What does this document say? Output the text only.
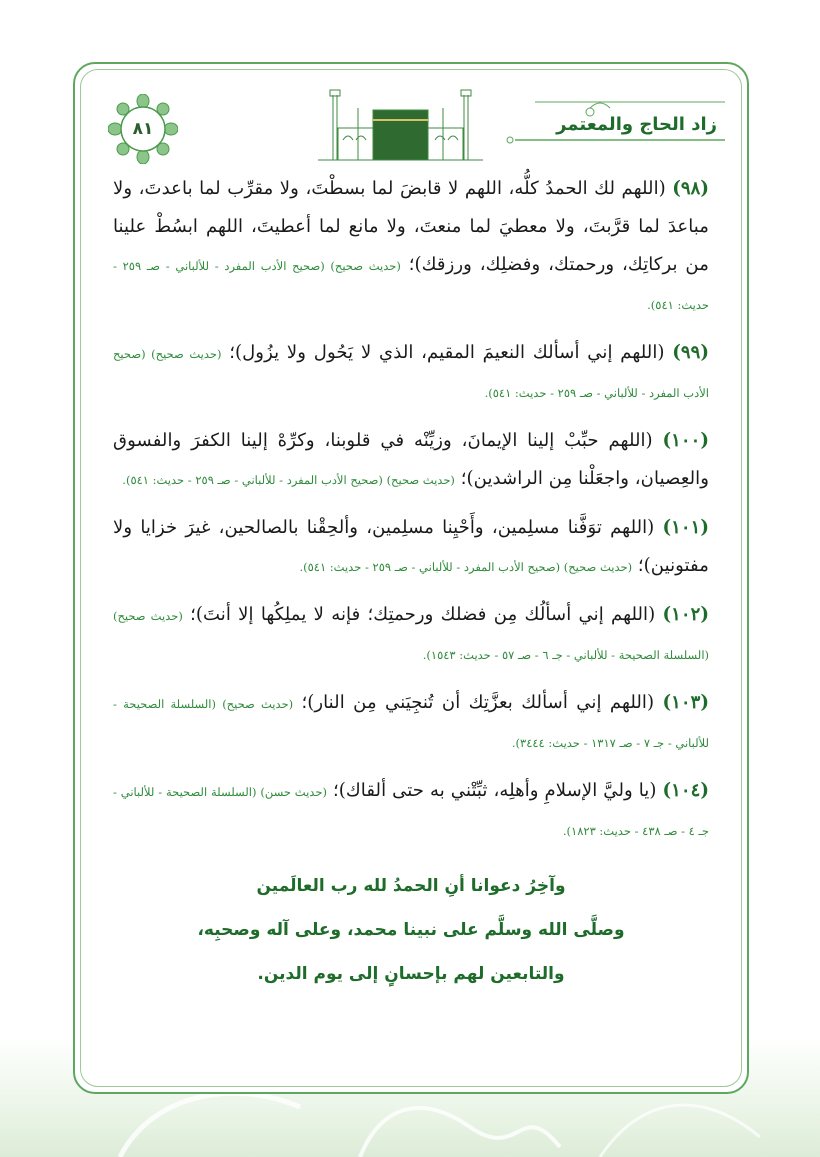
٨١	زاد الحاج والمعتمر

(٩٨) (اللهم لك الحمدُ كلُّه، اللهم لا قابضَ لما بسطْتَ، ولا مقرِّب لما باعدتَ، ولا مباعدَ لما قرَّبتَ، ولا معطيَ لما منعتَ، ولا مانع لما أعطيتَ، اللهم ابسُطْ علينا من بركاتِك، ورحمتك، وفضلِك، ورزقك)؛ (حديث صحيح) (صحيح الأدب المفرد - للألباني - صـ ٢٥٩ - حديث: ٥٤١).

(٩٩) (اللهم إني أسألك النعيمَ المقيم، الذي لا يَحُول ولا يزُول)؛ (حديث صحيح) (صحيح الأدب المفرد - للألباني - صـ ٢٥٩ - حديث: ٥٤١).

(١٠٠) (اللهم حبِّبْ إلينا الإيمانَ، وزيِّنْه في قلوبنا، وكرِّهْ إلينا الكفرَ والفسوق والعِصيان، واجعَلْنا مِن الراشدين)؛ (حديث صحيح) (صحيح الأدب المفرد - للألباني - صـ ٢٥٩ - حديث: ٥٤١).

(١٠١) (اللهم توَفَّنا مسلِمين، وأَحْيِنا مسلِمين، وألحِقْنا بالصالحين، غيرَ خزايا ولا مفتونين)؛ (حديث صحيح) (صحيح الأدب المفرد - للألباني - صـ ٢٥٩ - حديث: ٥٤١).

(١٠٢) (اللهم إني أسألُك مِن فضلك ورحمتِك؛ فإنه لا يملِكُها إلا أنتَ)؛ (حديث صحيح) (السلسلة الصحيحة - للألباني - جـ ٦ - صـ ٥٧ - حديث: ١٥٤٣).

(١٠٣) (اللهم إني أسألك بعزَّتِك أن تُنجِيَني مِن النار)؛ (حديث صحيح) (السلسلة الصحيحة - للألباني - جـ ٧ - صـ ١٣١٧ - حديث: ٣٤٤٤).

(١٠٤) (يا وليَّ الإسلامِ وأهلِه، ثبِّتْني به حتى ألقاك)؛ (حديث حسن) (السلسلة الصحيحة - للألباني - جـ ٤ - صـ ٤٣٨ - حديث: ١٨٢٣).

وآخِرُ دعوانا أنِ الحمدُ لله رب العالَمين
وصلَّى الله وسلَّم على نبينا محمد، وعلى آله وصحبِه،
والتابعين لهم بإحسانٍ إلى يوم الدين.
